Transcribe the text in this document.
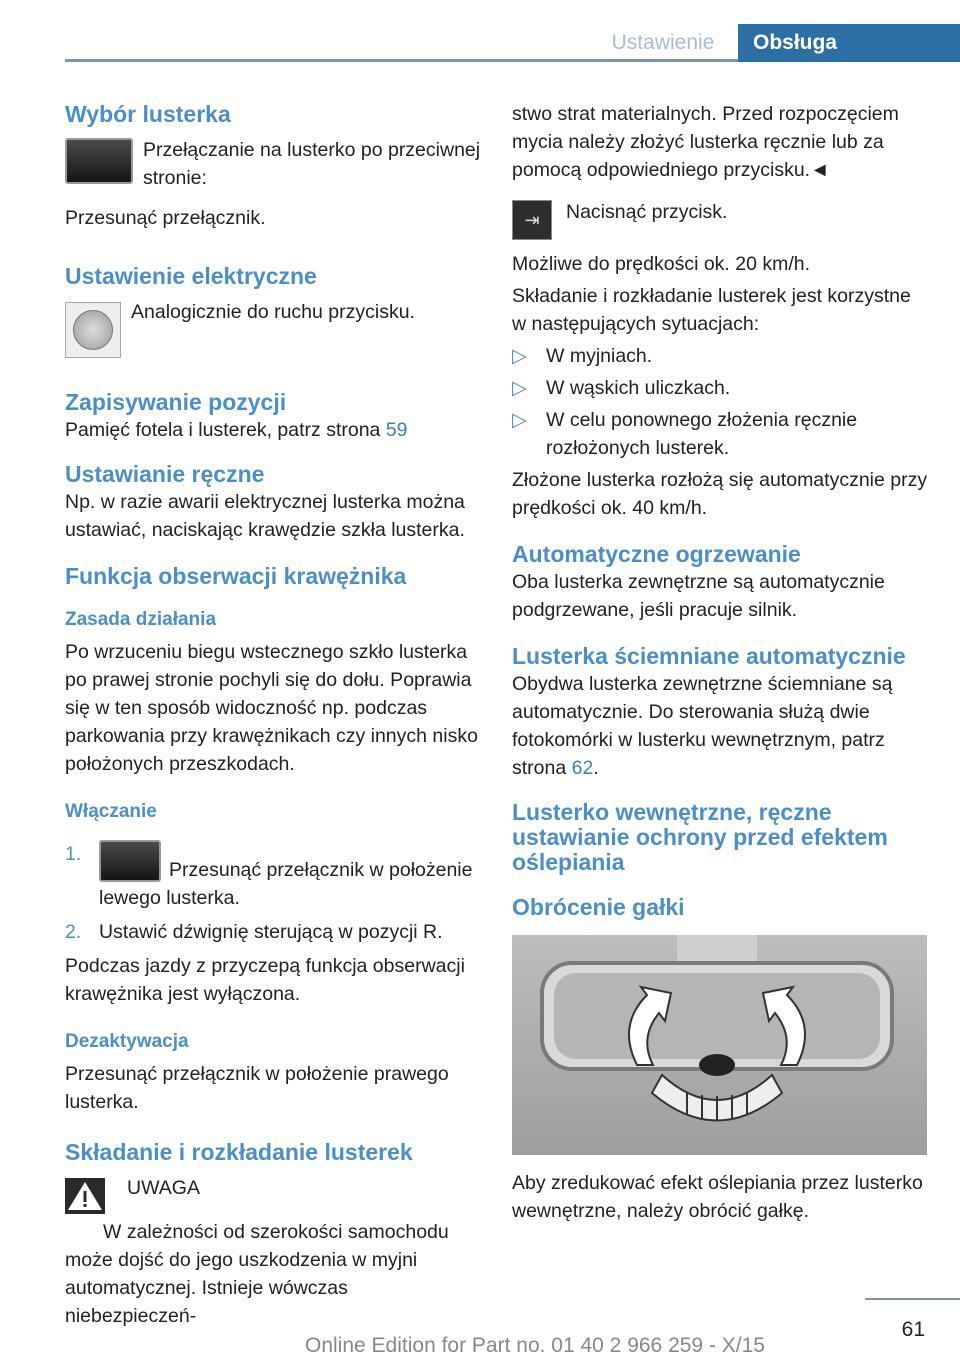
Ustawienie	Obsługa
Wybór lusterka

Przełączanie na lusterko po przeciwnej stronie:

Przesunąć przełącznik.

Ustawienie elektryczne

Analogicznie do ruchu przycisku.

Zapisywanie pozycji

Pamięć fotela i lusterek, patrz strona 59

Ustawianie ręczne

Np. w razie awarii elektrycznej lusterka można ustawiać, naciskając krawędzie szkła lusterka.

Funkcja obserwacji krawężnika
Zasada działania

Po wrzuceniu biegu wstecznego szkło lusterka po prawej stronie pochyli się do dołu. Poprawia się w ten sposób widoczność np. podczas parkowania przy krawężnikach czy innych nisko położonych przeszkodach.

Włączanie
1.
Przesunąć przełącznik w położenie lewego lusterka.
2. Ustawić dźwignię sterującą w pozycji R.

Podczas jazdy z przyczepą funkcja obserwacji krawężnika jest wyłączona.

Dezaktywacja

Przesunąć przełącznik w położenie prawego lusterka.

Składanie i rozkładanie lusterek

UWAGA

W zależności od szerokości samochodu może dojść do jego uszkodzenia w myjni automatycznej. Istnieje wówczas niebezpieczeń-

stwo strat materialnych. Przed rozpoczęciem mycia należy złożyć lusterka ręcznie lub za pomocą odpowiedniego przycisku.◄

⇥	Nacisnąć przycisk.

Możliwe do prędkości ok. 20 km/h.

Składanie i rozkładanie lusterek jest korzystne w następujących sytuacjach:

▷ W myjniach.
▷ W wąskich uliczkach.
▷ W celu ponownego złożenia ręcznie rozłożonych lusterek.

Złożone lusterka rozłożą się automatycznie przy prędkości ok. 40 km/h.

Automatyczne ogrzewanie

Oba lusterka zewnętrzne są automatycznie podgrzewane, jeśli pracuje silnik.

Lusterka ściemniane automatycznie

Obydwa lusterka zewnętrzne ściemniane są automatycznie. Do sterowania służą dwie fotokomórki w lusterku wewnętrznym, patrz strona 62.

Lusterko wewnętrzne, ręczne ustawianie ochrony przed efektem oślepiania
Obrócenie gałki

Aby zredukować efekt oślepiania przez lusterko wewnętrzne, należy obrócić gałkę.

61
Online Edition for Part no. 01 40 2 966 259 - X/15
